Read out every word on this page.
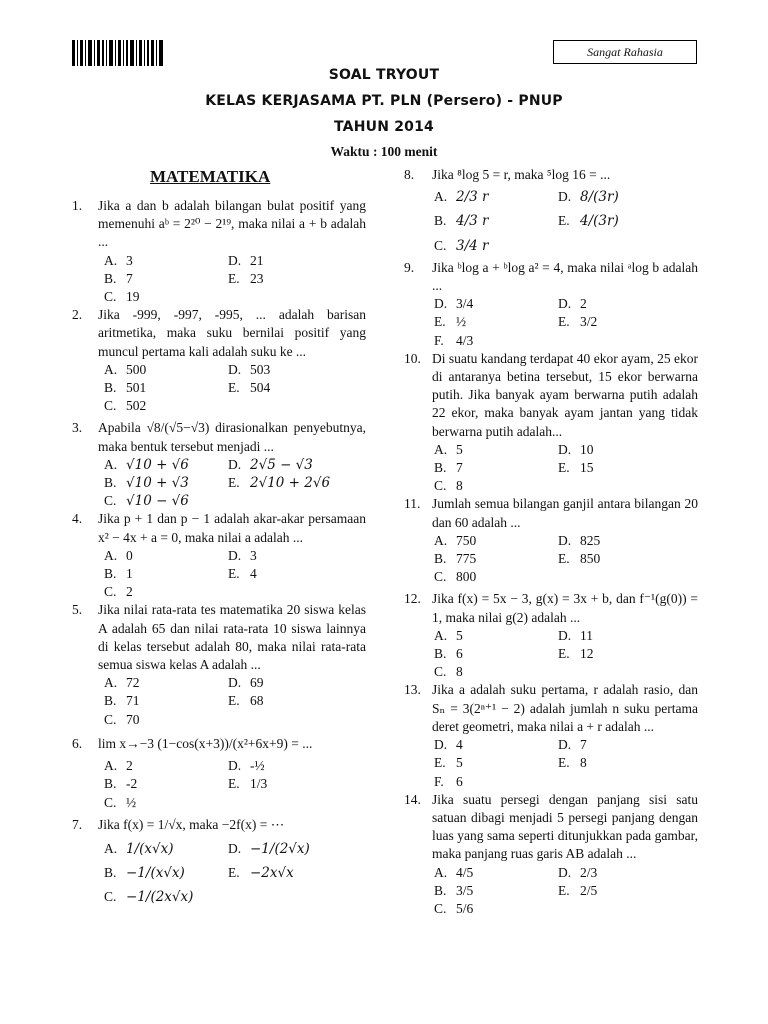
Sangat Rahasia
SOAL TRYOUT
KELAS KERJASAMA PT. PLN (Persero) - PNUP
TAHUN 2014
Waktu : 100 menit
MATEMATIKA
1.	Jika a dan b adalah bilangan bulat positif yang memenuhi aᵇ = 2²⁰ − 2¹⁹, maka nilai a + b adalah ...
A. 3	D. 21
B. 7	E. 23
C. 19
2.	Jika -999, -997, -995, ... adalah barisan aritmetika, maka suku bernilai positif yang muncul pertama kali adalah suku ke ...
A. 500	D. 503
B. 501	E. 504
C. 502
3.	Apabila √8/(√5−√3) dirasionalkan penyebutnya, maka bentuk tersebut menjadi ...
A. √10 + √6	D. 2√5 − √3
B. √10 + √3	E. 2√10 + 2√6
C. √10 − √6
4.	Jika p + 1 dan p − 1 adalah akar-akar persamaan x² − 4x + a = 0, maka nilai a adalah ...
A. 0	D. 3
B. 1	E. 4
C. 2
5.	Jika nilai rata-rata tes matematika 20 siswa kelas A adalah 65 dan nilai rata-rata 10 siswa lainnya di kelas tersebut adalah 80, maka nilai rata-rata semua siswa kelas A adalah ...
A. 72	D. 69
B. 71	E. 68
C. 70
6.	lim x→−3 (1−cos(x+3))/(x²+6x+9) = ...
A. 2	D. -½
B. -2	E. 1/3
C. ½
7.	Jika f(x) = 1/√x, maka −2f(x) = ⋯
A. 1/(x√x)	D. −1/(2√x)
B. −1/(x√x)	E. −2x√x
C. −1/(2x√x)
8.	Jika ⁸log 5 = r, maka ⁵log 16 = ...
A. 2/3 r	D. 8/(3r)
B. 4/3 r	E. 4/(3r)
C. 3/4 r
9.	Jika ᵇlog a + ᵇlog a² = 4, maka nilai ᵃlog b adalah ...
D. 3/4	D. 2
E. ½	E. 3/2
F. 4/3
10. Di suatu kandang terdapat 40 ekor ayam, 25 ekor di antaranya betina tersebut, 15 ekor berwarna putih. Jika banyak ayam berwarna putih adalah 22 ekor, maka banyak ayam jantan yang tidak berwarna putih adalah...
A. 5	D. 10
B. 7	E. 15
C. 8
11. Jumlah semua bilangan ganjil antara bilangan 20 dan 60 adalah ...
A. 750	D. 825
B. 775	E. 850
C. 800
12. Jika f(x) = 5x − 3, g(x) = 3x + b, dan f⁻¹(g(0)) = 1, maka nilai g(2) adalah ...
A. 5	D. 11
B. 6	E. 12
C. 8
13. Jika a adalah suku pertama, r adalah rasio, dan Sₙ = 3(2ⁿ⁺¹ − 2) adalah jumlah n suku pertama deret geometri, maka nilai a + r adalah ...
D. 4	D. 7
E. 5	E. 8
F. 6
14. Jika suatu persegi dengan panjang sisi satu satuan dibagi menjadi 5 persegi panjang dengan luas yang sama seperti ditunjukkan pada gambar, maka panjang ruas garis AB adalah ...
A. 4/5	D. 2/3
B. 3/5	E. 2/5
C. 5/6
